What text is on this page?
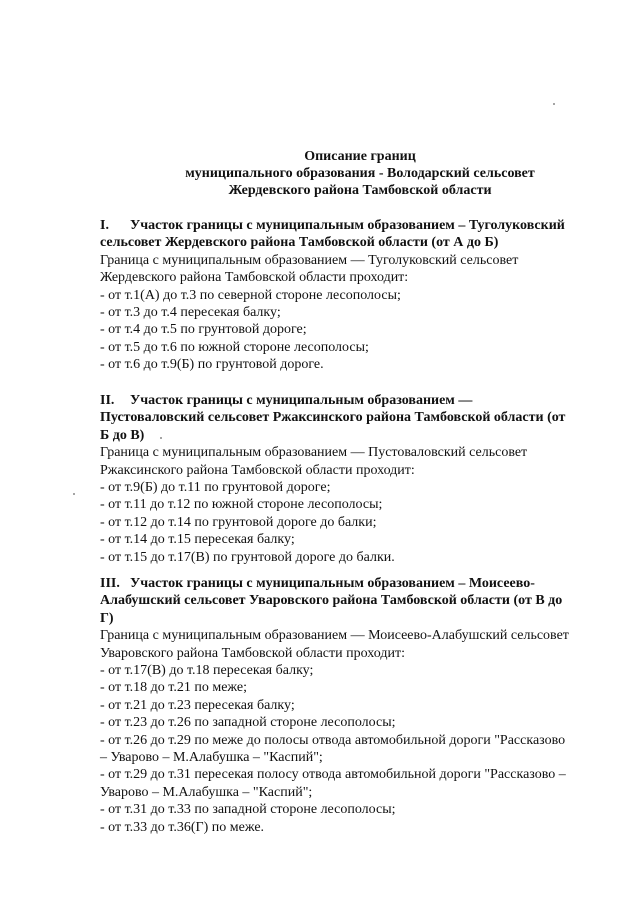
Описание границ
муниципального образования - Володарский сельсовет
Жердевского района Тамбовской области
I. Участок границы с муниципальным образованием – Туголуковский
сельсовет Жердевского района Тамбовской области (от А до Б)
Граница с муниципальным образованием — Туголуковский сельсовет
Жердевского района Тамбовской области проходит:
- от т.1(А) до т.3 по северной стороне лесополосы;
- от т.3 до т.4 пересекая балку;
- от т.4 до т.5 по грунтовой дороге;
- от т.5 до т.6 по южной стороне лесополосы;
- от т.6 до т.9(Б) по грунтовой дороге.
II. Участок границы с муниципальным образованием —
Пустоваловский сельсовет Ржаксинского района Тамбовской области (от
Б до В)
Граница с муниципальным образованием — Пустоваловский сельсовет
Ржаксинского района Тамбовской области проходит:
- от т.9(Б) до т.11 по грунтовой дороге;
- от т.11 до т.12 по южной стороне лесополосы;
- от т.12 до т.14 по грунтовой дороге до балки;
- от т.14 до т.15 пересекая балку;
- от т.15 до т.17(В) по грунтовой дороге до балки.
III. Участок границы с муниципальным образованием – Моисеево-
Алабушский сельсовет Уваровского района Тамбовской области (от В до
Г)
Граница с муниципальным образованием — Моисеево-Алабушский сельсовет
Уваровского района Тамбовской области проходит:
- от т.17(В) до т.18 пересекая балку;
- от т.18 до т.21 по меже;
- от т.21 до т.23 пересекая балку;
- от т.23 до т.26 по западной стороне лесополосы;
- от т.26 до т.29 по меже до полосы отвода автомобильной дороги "Рассказово
– Уварово – М.Алабушка – "Каспий";
- от т.29 до т.31 пересекая полосу отвода автомобильной дороги "Рассказово –
Уварово – М.Алабушка – "Каспий";
- от т.31 до т.33 по западной стороне лесополосы;
- от т.33 до т.36(Г) по меже.
